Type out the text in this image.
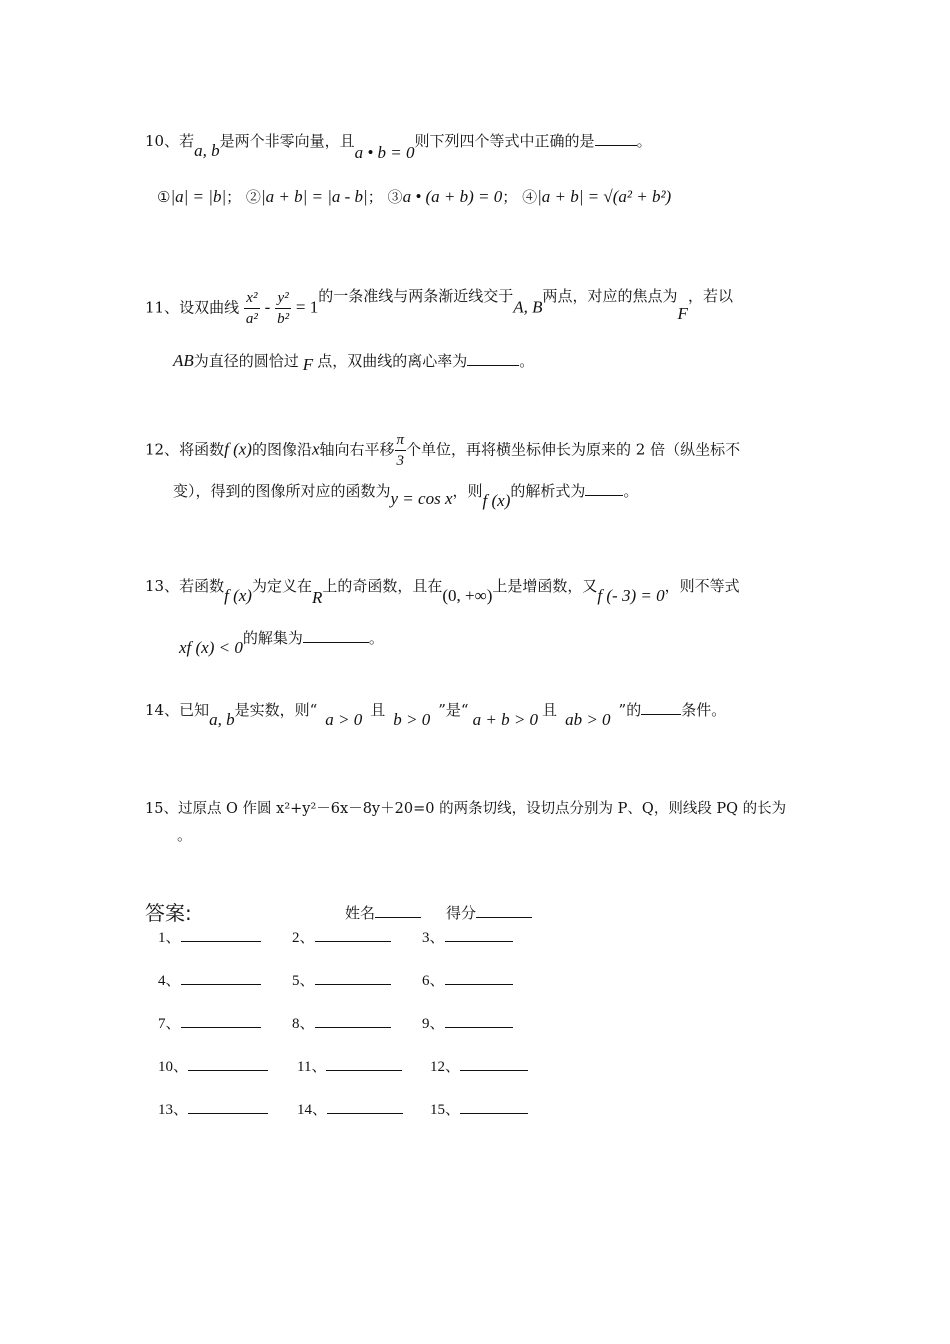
10、若a, b是两个非零向量，且a • b = 0则下列四个等式中正确的是	。
①|a| = |b|； ②|a + b| = |a - b|； ③a • (a + b) = 0； ④|a + b| = √(a² + b²)
11、设双曲线 $\frac{\text{x²}}{\text{a²}} - \frac{\text{y²}}{\text{b²}} = 1$的一条准线与两条渐近线交于A, B两点，对应的焦点为F，若以
AB为直径的圆恰过 F 点，双曲线的离心率为	。
12、将函数f (x)的图像沿x轴向右平移 $\frac{\pi}{3}$ 个单位，再将横坐标伸长为原来的 2 倍（纵坐标不
变），得到的图像所对应的函数为y = cos x，则f (x)的解析式为	。
13、若函数f (x)为定义在R上的奇函数，且在(0, +∞)上是增函数，又f (- 3) = 0，则不等式
xf (x) < 0的解集为	。
14、已知a, b是实数，则“ a > 0 且 b > 0 ”是“ a + b > 0 且 ab > 0 ”的	条件。
15、过原点 O 作圆 x²+y²－6x－8y＋20=0 的两条切线，设切点分别为 P、Q，则线段 PQ 的长为
。
答案:	姓名	得分
1、	2、	3、
4、	5、	6、
7、	8、	9、
10、	11、	12、
13、	14、	15、
